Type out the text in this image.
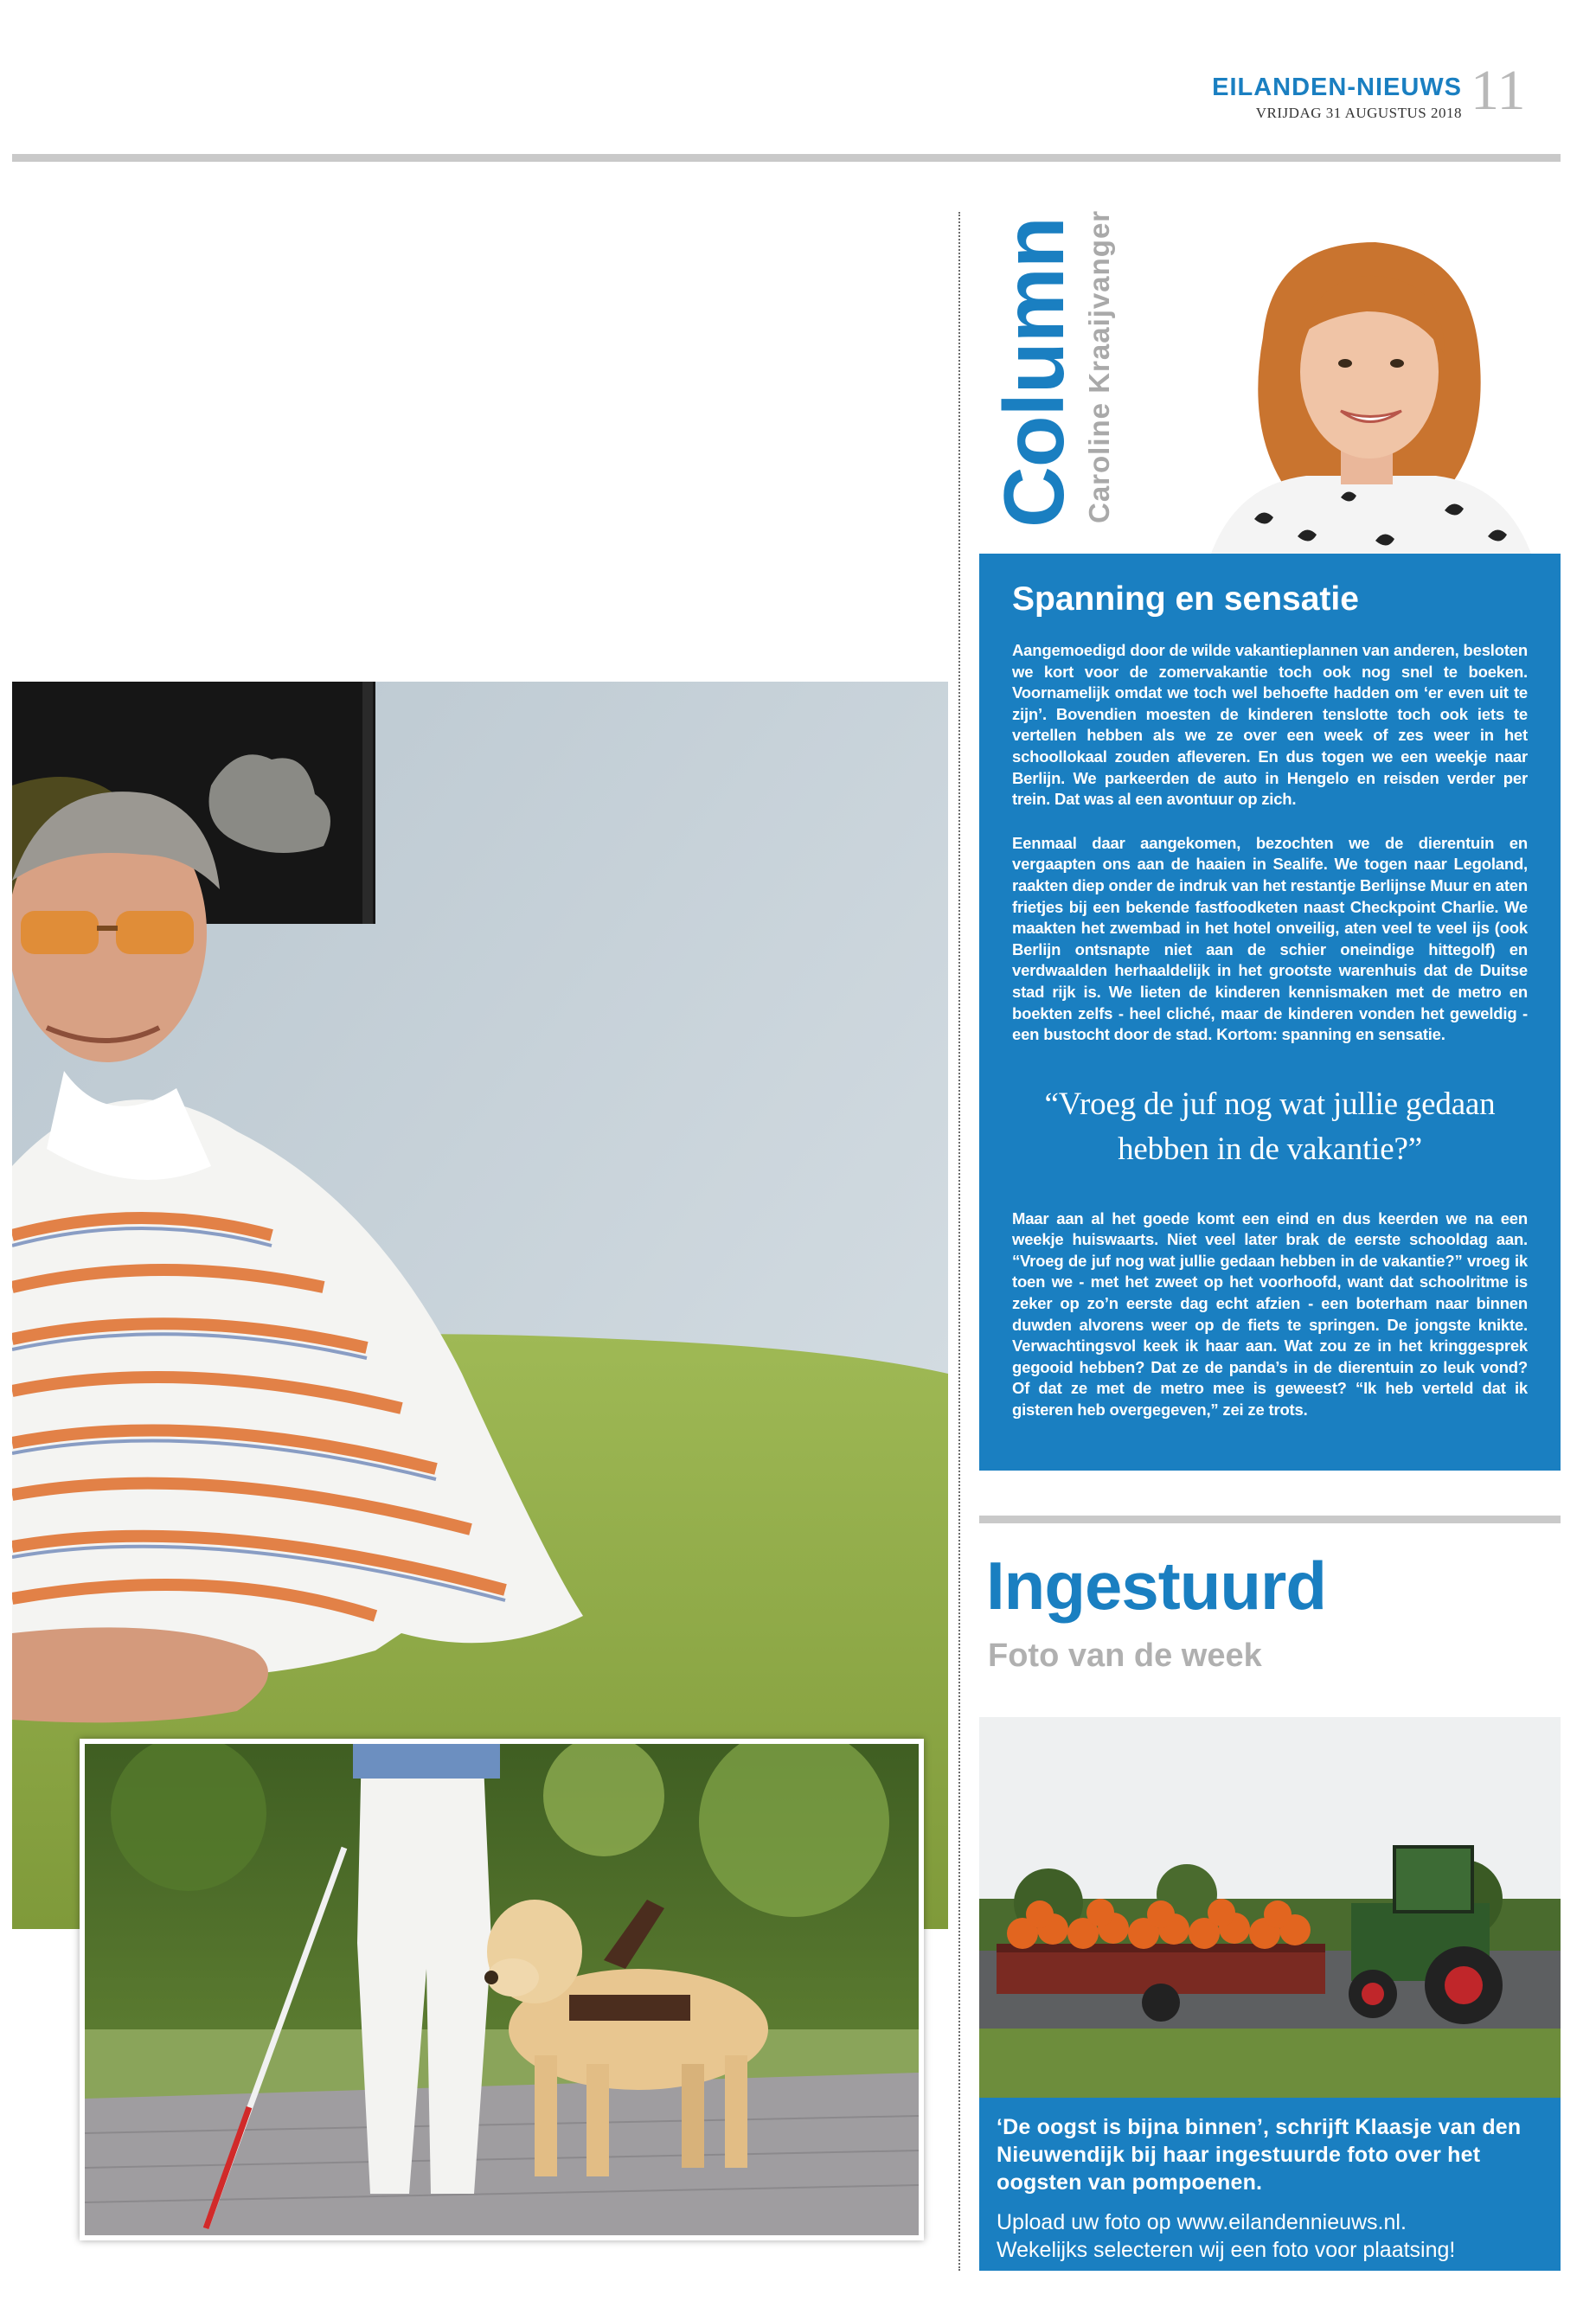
EILANDEN-NIEUWS
VRIJDAG 31 AUGUSTUS 2018 11
Column Caroline Kraaijvanger
Spanning en sensatie

Aangemoedigd door de wilde vakantieplannen van anderen, besloten we kort voor de zomervakantie toch ook nog snel te boeken. Voornamelijk omdat we toch wel behoefte hadden om ‘er even uit te zijn’. Bovendien moesten de kinderen tenslotte toch ook iets te vertellen hebben als we ze over een week of zes weer in het schoollokaal zouden afleveren. En dus togen we een weekje naar Berlijn. We parkeerden de auto in Hengelo en reisden verder per trein. Dat was al een avontuur op zich.

Eenmaal daar aangekomen, bezochten we de dierentuin en vergaapten ons aan de haaien in Sealife. We togen naar Legoland, raakten diep onder de indruk van het restantje Berlijnse Muur en aten frietjes bij een bekende fastfoodketen naast Checkpoint Charlie. We maakten het zwembad in het hotel onveilig, aten veel te veel ijs (ook Berlijn ontsnapte niet aan de schier oneindige hittegolf) en verdwaalden herhaaldelijk in het grootste warenhuis dat de Duitse stad rijk is. We lieten de kinderen kennismaken met de metro en boekten zelfs - heel cliché, maar de kinderen vonden het geweldig - een bustocht door de stad. Kortom: spanning en sensatie.

“Vroeg de juf nog wat jullie gedaan hebben in de vakantie?”

Maar aan al het goede komt een eind en dus keerden we na een weekje huiswaarts. Niet veel later brak de eerste schooldag aan. “Vroeg de juf nog wat jullie gedaan hebben in de vakantie?” vroeg ik toen we - met het zweet op het voorhoofd, want dat schoolritme is zeker op zo’n eerste dag echt afzien - een boterham naar binnen duwden alvorens weer op de fiets te springen. De jongste knikte. Verwachtingsvol keek ik haar aan. Wat zou ze in het kringgesprek gegooid hebben? Dat ze de panda’s in de dierentuin zo leuk vond? Of dat ze met de metro mee is geweest? “Ik heb verteld dat ik gisteren heb overgegeven,” zei ze trots.

Ingestuurd
Foto van de week

‘De oogst is bijna binnen’, schrijft Klaasje van den Nieuwendijk bij haar ingestuurde foto over het oogsten van pompoenen.

Upload uw foto op www.eilandennieuws.nl.
Wekelijks selecteren wij een foto voor plaatsing!
